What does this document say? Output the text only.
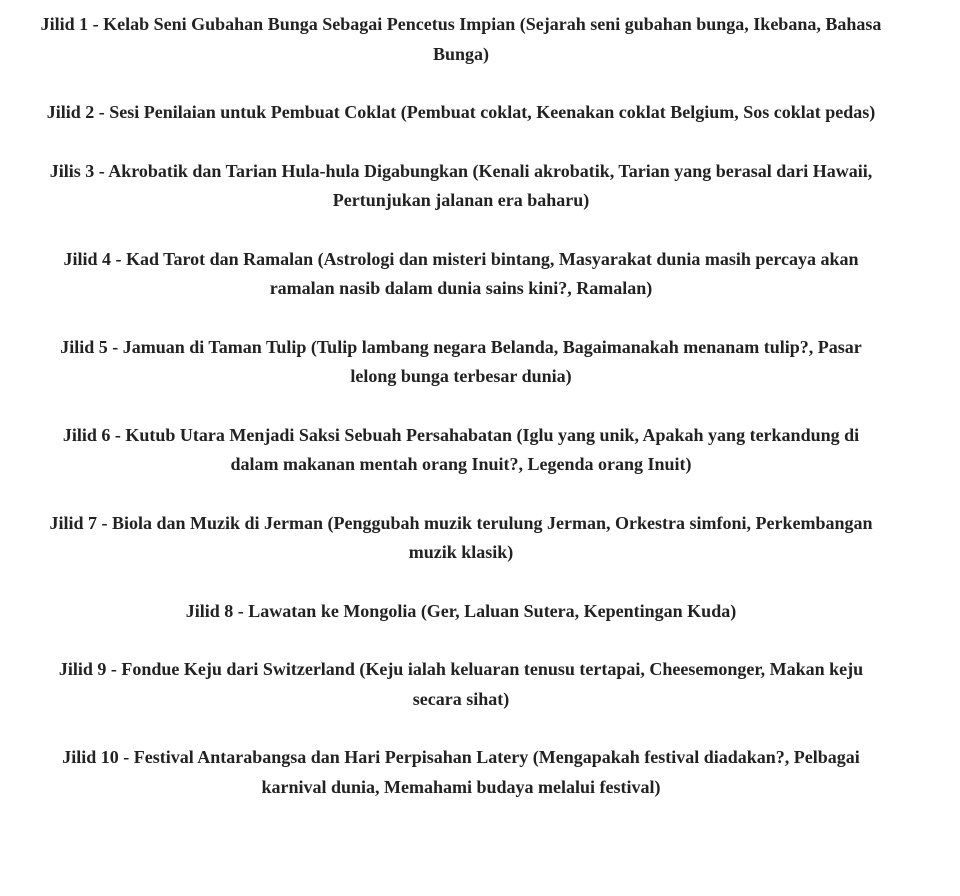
Jilid 1 - Kelab Seni Gubahan Bunga Sebagai Pencetus Impian (Sejarah seni gubahan bunga, Ikebana, Bahasa Bunga)

Jilid 2 - Sesi Penilaian untuk Pembuat Coklat (Pembuat coklat, Keenakan coklat Belgium, Sos coklat pedas)

Jilis 3 - Akrobatik dan Tarian Hula-hula Digabungkan (Kenali akrobatik, Tarian yang berasal dari Hawaii, Pertunjukan jalanan era baharu)

Jilid 4 - Kad Tarot dan Ramalan (Astrologi dan misteri bintang, Masyarakat dunia masih percaya akan ramalan nasib dalam dunia sains kini?, Ramalan)

Jilid 5 - Jamuan di Taman Tulip (Tulip lambang negara Belanda, Bagaimanakah menanam tulip?, Pasar lelong bunga terbesar dunia)

Jilid 6 - Kutub Utara Menjadi Saksi Sebuah Persahabatan (Iglu yang unik, Apakah yang terkandung di dalam makanan mentah orang Inuit?, Legenda orang Inuit)

Jilid 7 - Biola dan Muzik di Jerman (Penggubah muzik terulung Jerman, Orkestra simfoni, Perkembangan muzik klasik)

Jilid 8 - Lawatan ke Mongolia (Ger, Laluan Sutera, Kepentingan Kuda)

Jilid 9 - Fondue Keju dari Switzerland (Keju ialah keluaran tenusu tertapai, Cheesemonger, Makan keju secara sihat)

Jilid 10 - Festival Antarabangsa dan Hari Perpisahan Latery (Mengapakah festival diadakan?, Pelbagai karnival dunia, Memahami budaya melalui festival)
